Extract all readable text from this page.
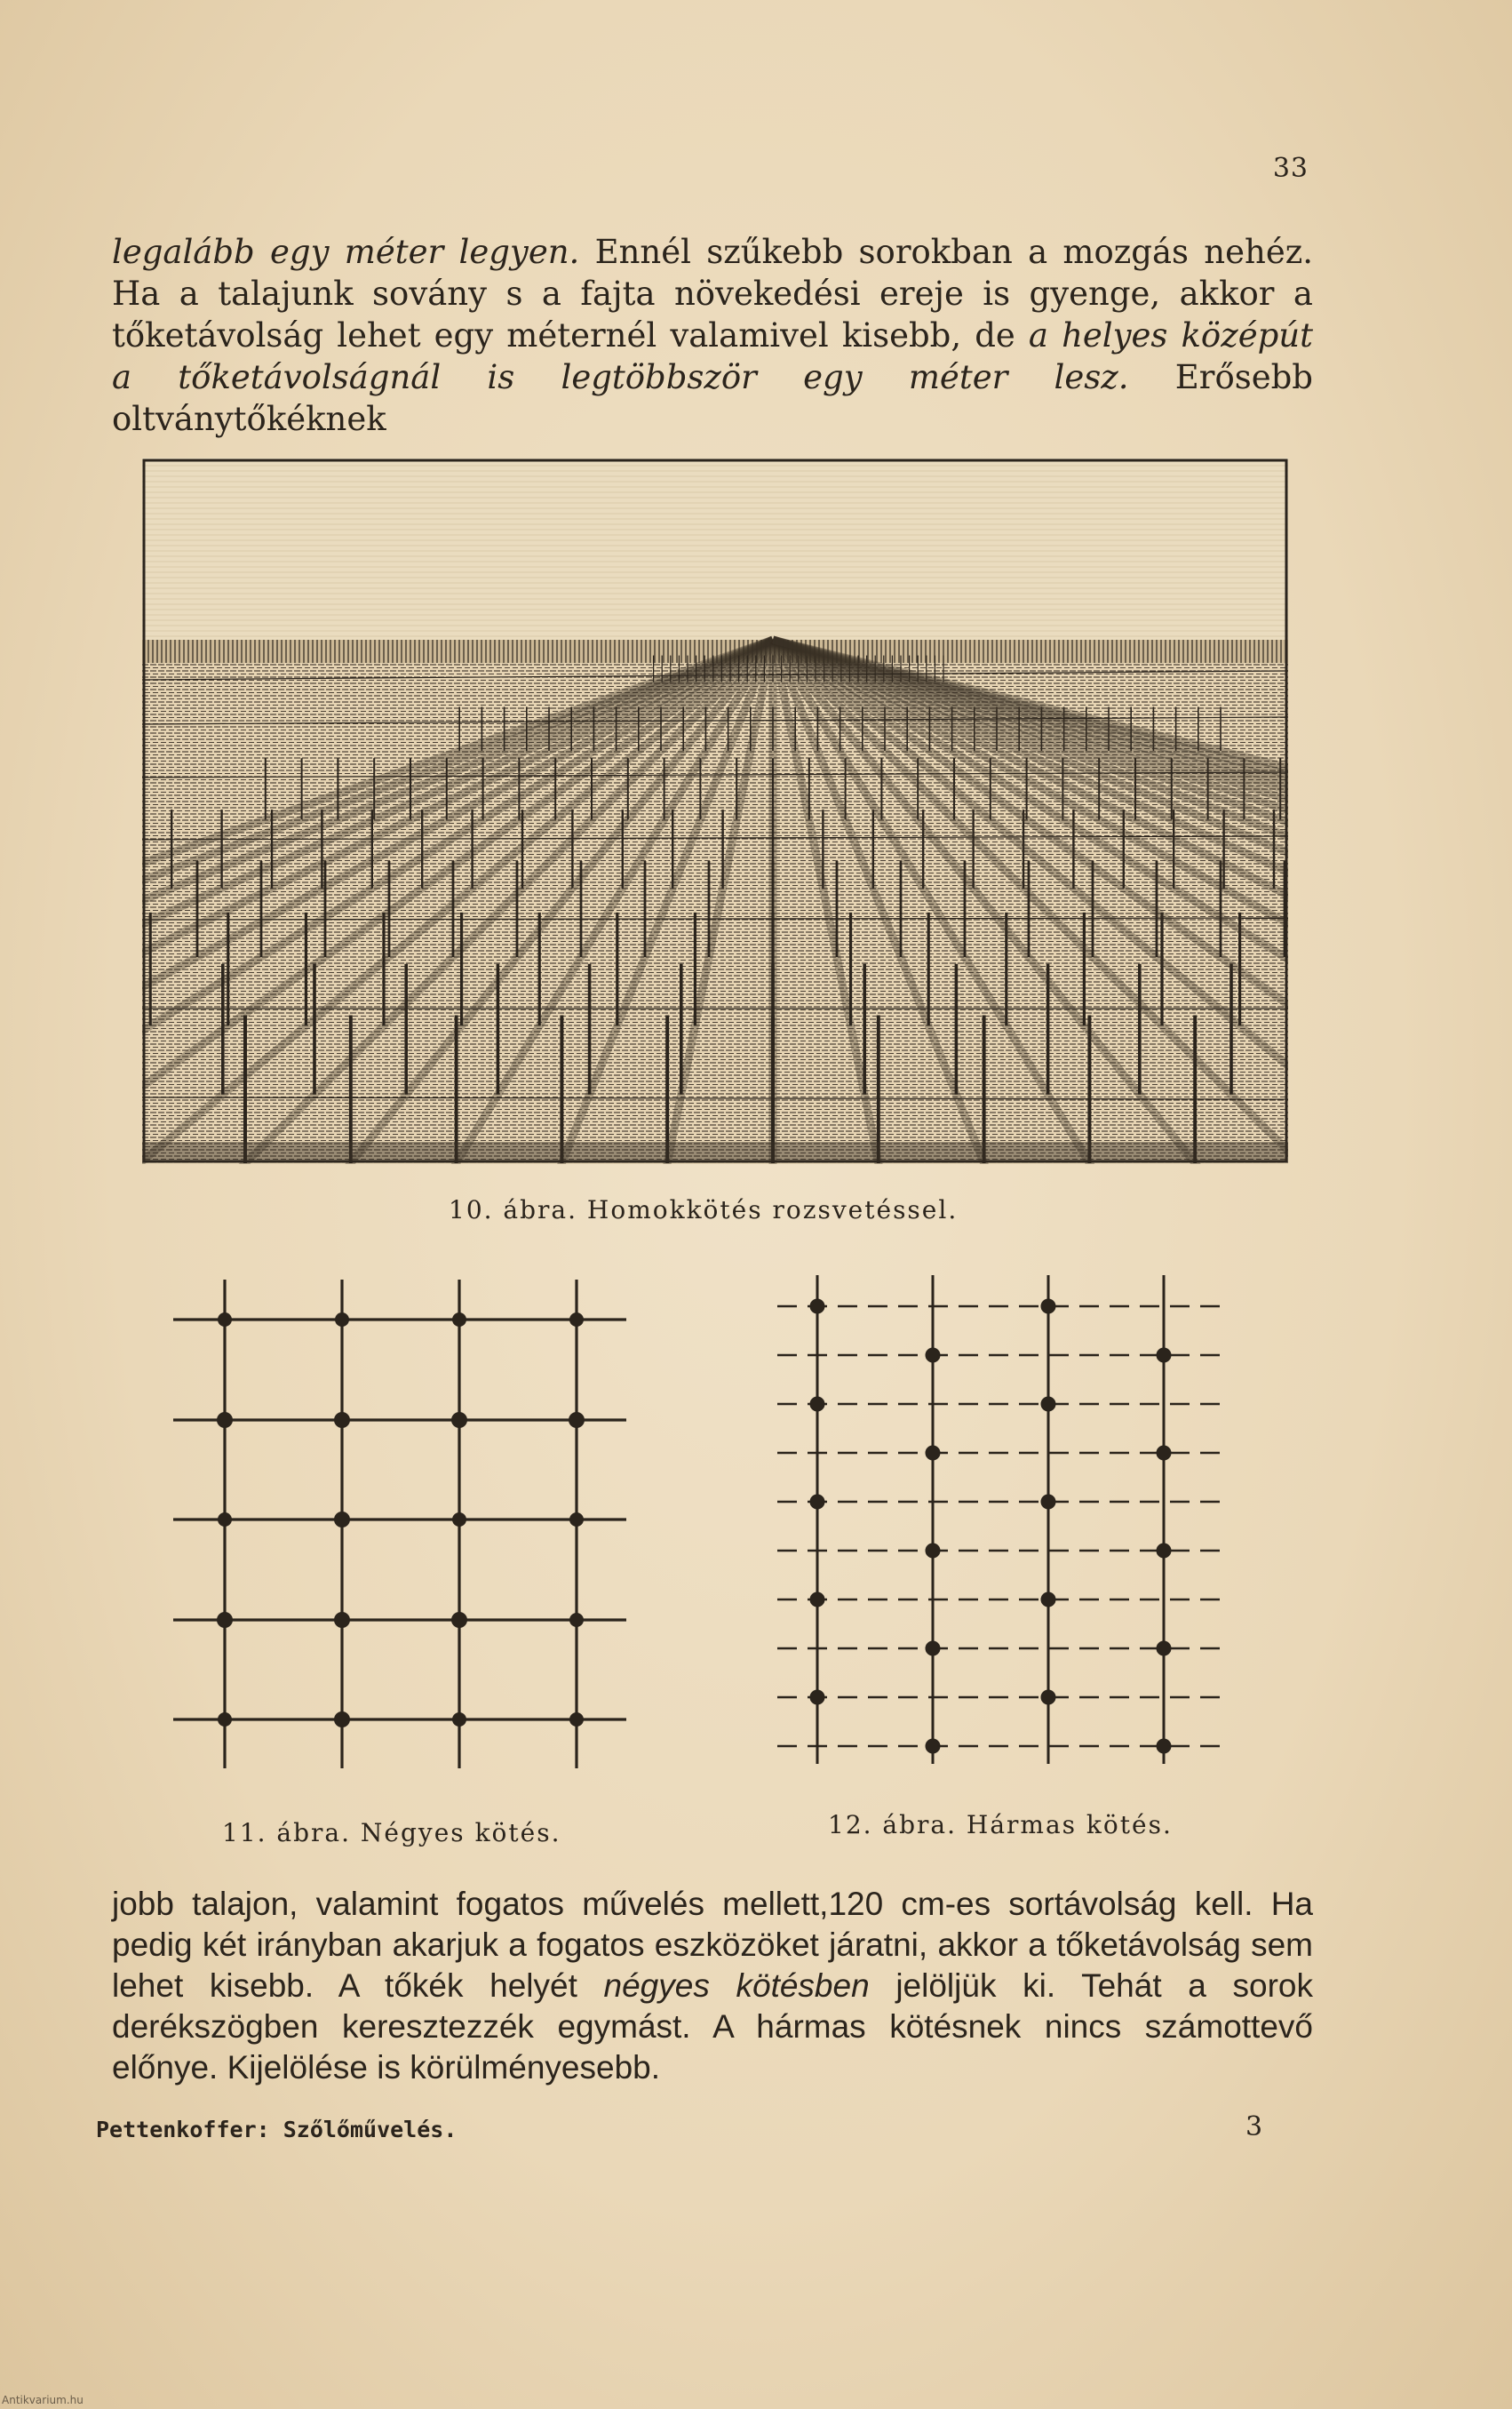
33

legalább egy méter legyen. Ennél szűkebb sorokban a mozgás nehéz. Ha a talajunk sovány s a fajta növekedési ereje is gyenge, akkor a tőketávolság lehet egy méternél valamivel kisebb, de a helyes középút a tőketávolságnál is legtöbbször egy méter lesz. Erősebb oltványtőkéknek

10. ábra. Homokkötés rozsvetéssel.
11. ábra. Négyes kötés.	12. ábra. Hármas kötés.

jobb talajon, valamint fogatos művelés mellett,120 cm-es sortávolság kell. Ha pedig két irányban akarjuk a fogatos eszközöket járatni, akkor a tőketávolság sem lehet kisebb. A tőkék helyét négyes kötésben jelöljük ki. Tehát a sorok derékszögben keresztezzék egymást. A hármas kötésnek nincs számottevő előnye. Kijelölése is körülményesebb.

Pettenkoffer: Szőlőművelés.	3
Antikvarium.hu
